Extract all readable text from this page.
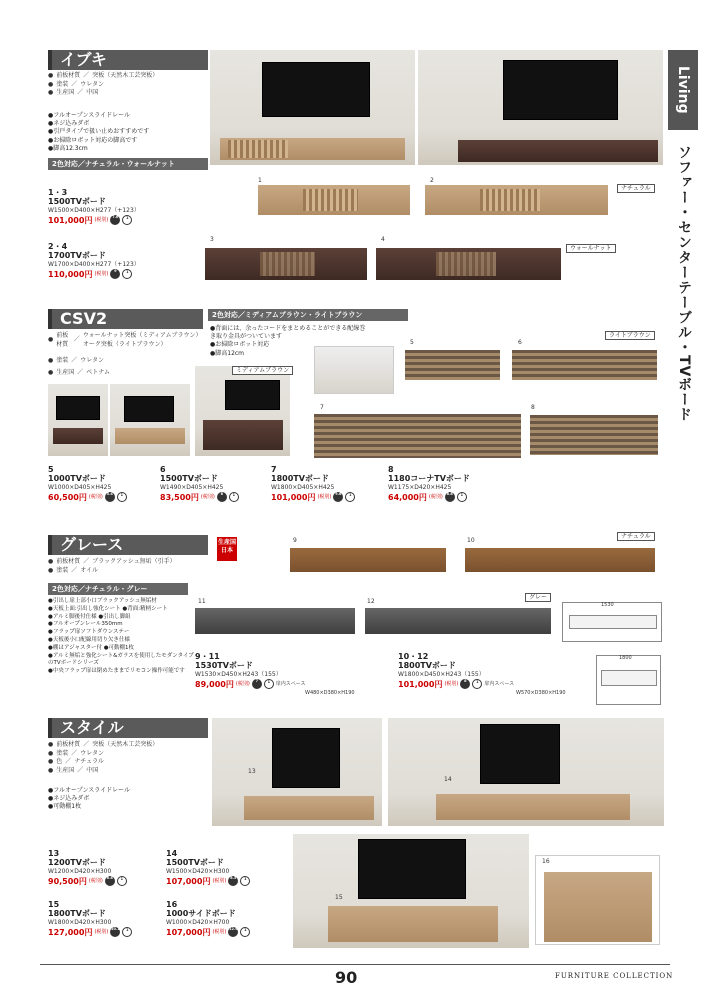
Living
ソファー・センターテーブル・TVボード
イブキ
● 前板材質 ／ 突板（天然木工芸突板）
● 塗装 ／ ウレタン
● 生産国 ／ 中国
●フルオープンスライドレール
●ネジ込みダボ
●引戸タイプで扱い止めおすすめです
●お掃除ロボット対応の脚高です
●脚高12.3cm
2色対応／ナチュラル・ウォールナット
1	2
ナチュラル
3	4
ウォールナット
1・3
1500TVボード
W1500×D400×H277（+123）
101,000円 (税別)	7.6	1
2・4
1700TVボード
W1700×D400×H277（+123）
110,000円 (税別)	9	1
CSV2
●
前板材質
／
ウォールナット突板（ミディアムブラウン）オーク突板（ライトブラウン）
● 塗装 ／ ウレタン
● 生産国 ／ ベトナム
2色対応／ミディアムブラウン・ライトブラウン
●背面には、余ったコードをまとめることができる配線巻き取り金具がついています
●お掃除ロボット対応
●脚高12cm
ミディアムブラウン
5	6
ライトブラウン
7	8
5
1000TVボード
W1000×D405×H425
60,500円 (税別)	5.4	1
6
1500TVボード
W1490×D405×H425
83,500円 (税別)	8	1
7
1800TVボード
W1800×D405×H425
101,000円 (税別)	9.6	1
8
1180コーナTVボード
W1175×D420×H425
64,000円 (税別)	8.8	1
グレース	生産国日本
● 前板材質 ／ ブラックアッシュ無垢（引手）
● 塗装 ／ オイル
2色対応／ナチュラル・グレー
●引出し扉上部小口ブラックアッシュ無垢材
●天板上面:引出し強化シート ●背面:精柄シート
●アルミ脚後付仕様 ●引出し脚組
●フルオープンレール350mm
●フラップ扉ソフトダウンステー
●天板後小口配線用切り欠き仕様
●棚はアジャスター付 ●可動棚1枚
●アルミ無垢と強化シート&ガラスを使用したモダンタイプのTVボードシリーズ
●中央フラップ扉は閉めたままでリモコン操作可能です
9	10
ナチュラル
11	12
グレー
1530
1800
9・11
1530TVボード
W1530×D450×H243（155）
89,000円 (税別)	7	1	扉内スペース
W480×D380×H190
10・12
1800TVボード
W1800×D450×H243（155）
101,000円 (税別)	8	1	扉内スペース
W570×D380×H190
スタイル
● 前板材質 ／ 突板（天然木工芸突板）
● 塗装 ／ ウレタン
● 色 ／ ナチュラル
● 生産国 ／ 中国
●フルオープンスライドレール
●ネジ込みダボ
●可動棚1枚
13
14
15
16
13
1200TVボード
W1200×D420×H300
90,500円 (税別)	6.8	1
14
1500TVボード
W1500×D420×H300
107,000円 (税別)	8.5	1
15
1800TVボード
W1800×D420×H300
127,000円 (税別) 10.1	1
16
1000サイドボード
W1000×D420×H700
107,000円 (税別) 12.6	1
90	FURNITURE COLLECTION
